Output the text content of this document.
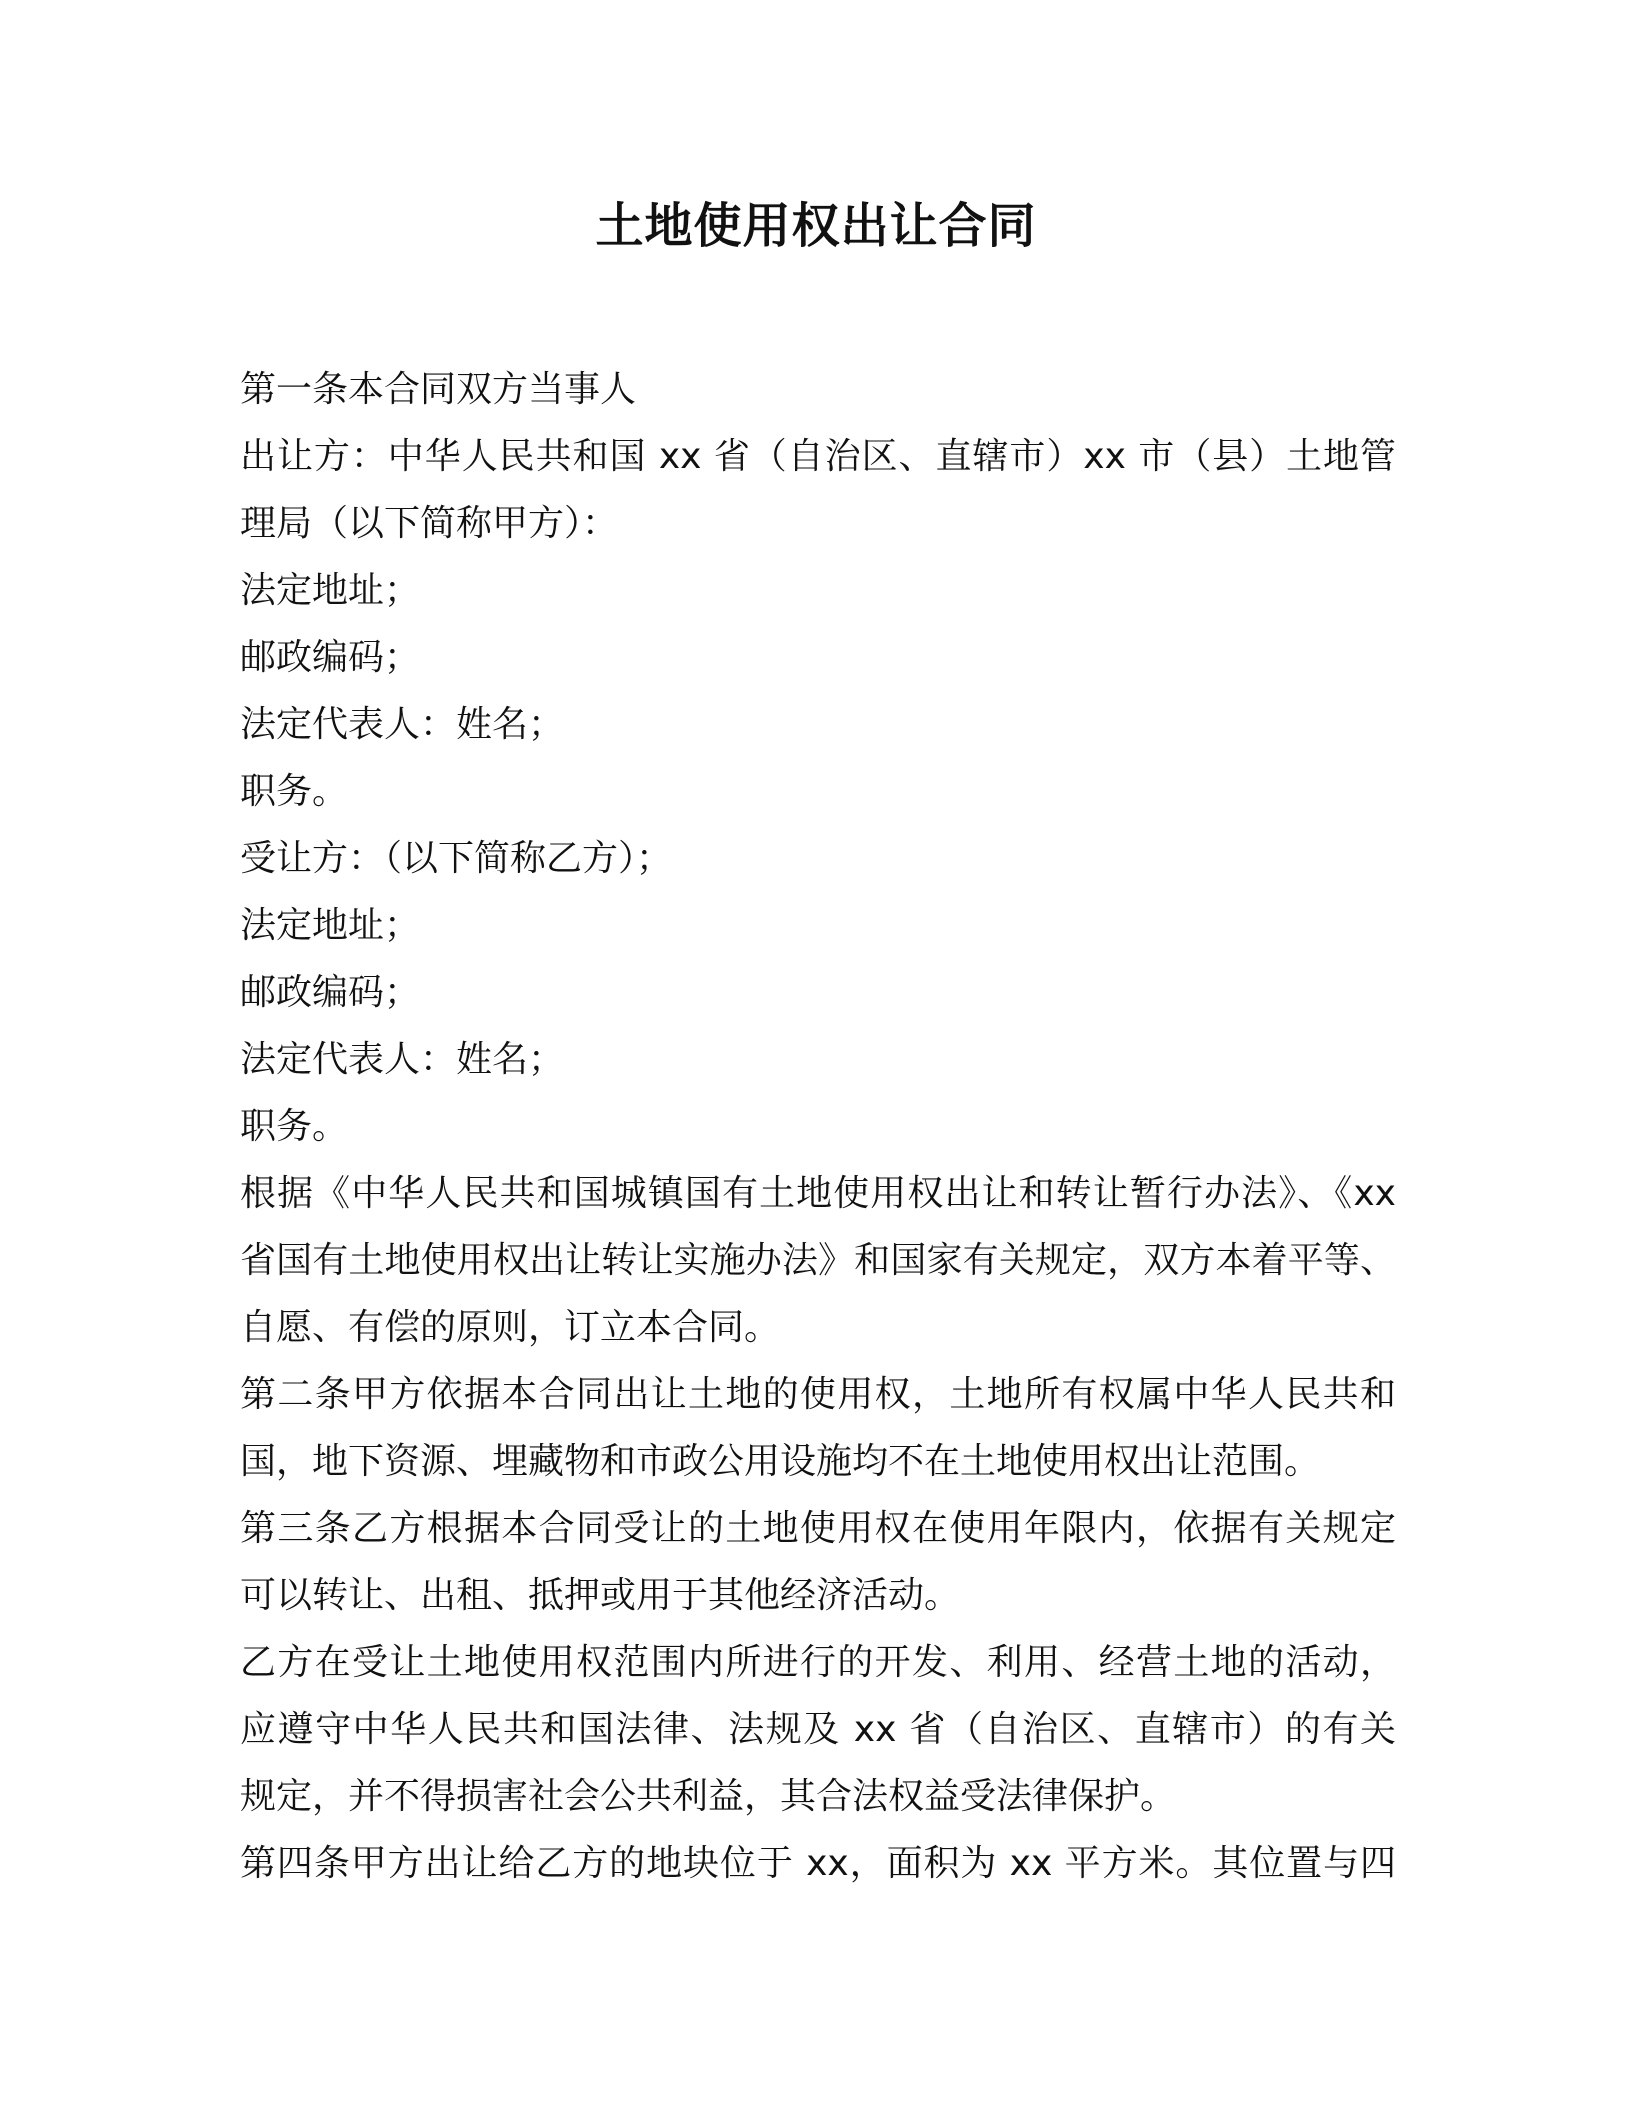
土地使用权出让合同
第一条本合同双方当事人
出让方：中华人民共和国 xx 省（自治区、直辖市）xx 市（县）土地管
理局（以下简称甲方）：
法定地址；
邮政编码；
法定代表人：姓名；
职务。
受让方：（以下简称乙方）；
法定地址；
邮政编码；
法定代表人：姓名；
职务。
根据《中华人民共和国城镇国有土地使用权出让和转让暂行办法》、《xx
省国有土地使用权出让转让实施办法》和国家有关规定，双方本着平等、
自愿、有偿的原则，订立本合同。
第二条甲方依据本合同出让土地的使用权，土地所有权属中华人民共和
国，地下资源、埋藏物和市政公用设施均不在土地使用权出让范围。
第三条乙方根据本合同受让的土地使用权在使用年限内，依据有关规定
可以转让、出租、抵押或用于其他经济活动。
乙方在受让土地使用权范围内所进行的开发、利用、经营土地的活动，
应遵守中华人民共和国法律、法规及 xx 省（自治区、直辖市）的有关
规定，并不得损害社会公共利益，其合法权益受法律保护。
第四条甲方出让给乙方的地块位于 xx，面积为 xx 平方米。其位置与四
